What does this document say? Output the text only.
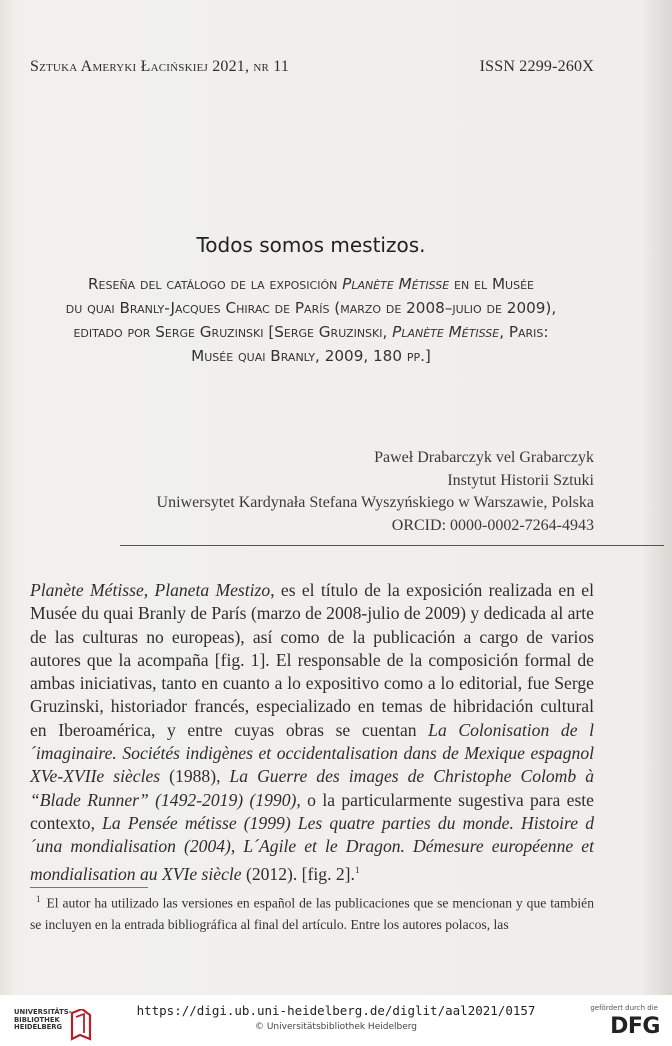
Sztuka Ameryki Łacińskiej 2021, nr 11	ISSN 2299-260X
Todos somos mestizos.
Reseña del catálogo de la exposición Planète Métisse en el Musée
du quai Branly-Jacques Chirac de París (marzo de 2008–julio de 2009),
editado por Serge Gruzinski [Serge Gruzinski, Planète Métisse, Paris:
Musée quai Branly, 2009, 180 pp.]
Paweł Drabarczyk vel Grabarczyk
Instytut Historii Sztuki
Uniwersytet Kardynała Stefana Wyszyńskiego w Warszawie, Polska
ORCID: 0000-0002-7264-4943
Planète Métisse, Planeta Mestizo, es el título de la exposición realizada en el Musée du quai Branly de París (marzo de 2008-julio de 2009) y dedicada al arte de las culturas no europeas), así como de la publicación a cargo de varios autores que la acompaña [fig. 1]. El responsable de la composición formal de ambas iniciativas, tanto en cuanto a lo expositivo como a lo editorial, fue Serge Gruzinski, historiador francés, especializado en temas de hibridación cultural en Iberoamérica, y entre cuyas obras se cuentan La Colonisation de l´imaginaire. Sociétés indigènes et occidentalisation dans de Mexique espagnol XVe-XVIIe siècles (1988), La Guerre des images de Christophe Colomb à “Blade Runner” (1492-2019) (1990), o la particularmente sugestiva para este contexto, La Pensée métisse (1999) Les quatre parties du monde. Histoire d´una mondialisation (2004), L´Agile et le Dragon. Démesure européenne et mondialisation au XVIe siècle (2012). [fig. 2].$^1$
$^1$ El autor ha utilizado las versiones en español de las publicaciones que se mencionan y que también se incluyen en la entrada bibliográfica al final del artículo. Entre los autores polacos, las
UNIVERSITÄTS-
BIBLIOTHEK
HEIDELBERG
https://digi.ub.uni-heidelberg.de/diglit/aal2021/0157
© Universitätsbibliothek Heidelberg
gefördert durch die
DFG
